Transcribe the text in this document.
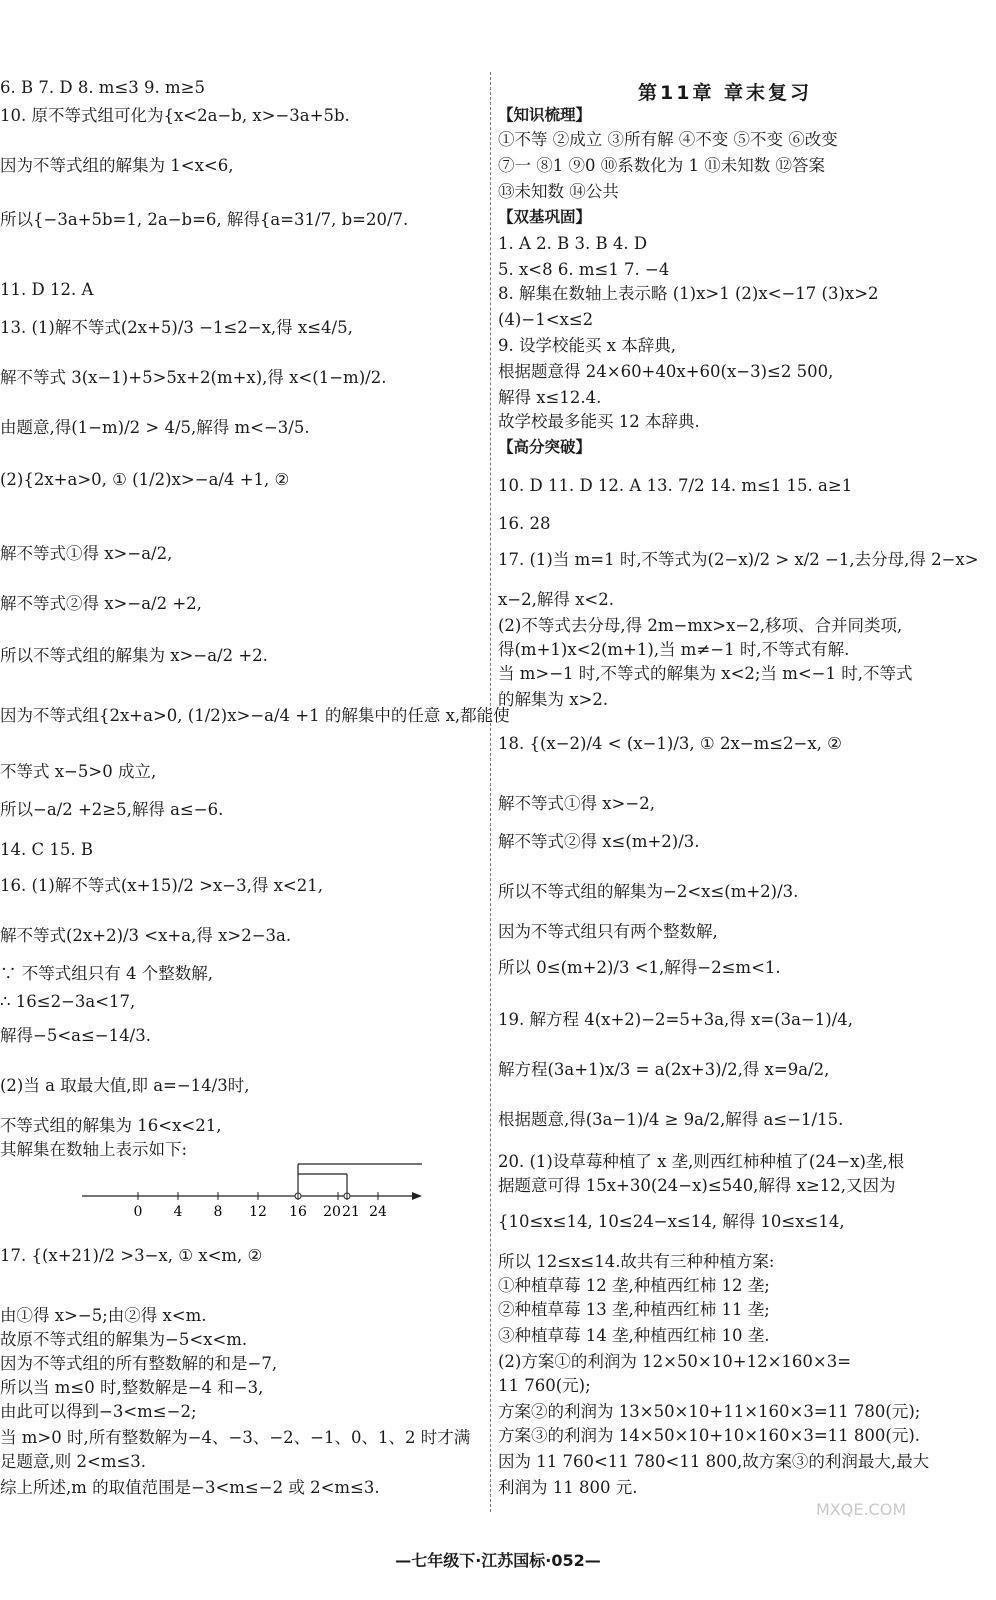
6. B 7. D 8. m≤3 9. m≥5
10. 原不等式组可化为{x<2a−b, x>−3a+5b.
因为不等式组的解集为 1<x<6,
所以{−3a+5b=1, 2a−b=6, 解得{a=31/7, b=20/7.
11. D 12. A
13. (1)解不等式(2x+5)/3 −1≤2−x,得 x≤4/5,
解不等式 3(x−1)+5>5x+2(m+x),得 x<(1−m)/2.
由题意,得(1−m)/2 > 4/5,解得 m<−3/5.
(2){2x+a>0, ① (1/2)x>−a/4 +1, ②
解不等式①得 x>−a/2,
解不等式②得 x>−a/2 +2,
所以不等式组的解集为 x>−a/2 +2.
因为不等式组{2x+a>0, (1/2)x>−a/4 +1 的解集中的任意 x,都能使
不等式 x−5>0 成立,
所以−a/2 +2≥5,解得 a≤−6.
14. C 15. B
16. (1)解不等式(x+15)/2 >x−3,得 x<21,
解不等式(2x+2)/3 <x+a,得 x>2−3a.
∵ 不等式组只有 4 个整数解,
∴ 16≤2−3a<17,
解得−5<a≤−14/3.
(2)当 a 取最大值,即 a=−14/3时,
不等式组的解集为 16<x<21,
其解集在数轴上表示如下:
17. {(x+21)/2 >3−x, ① x<m, ②
由①得 x>−5;由②得 x<m.
故原不等式组的解集为−5<x<m.
因为不等式组的所有整数解的和是−7,
所以当 m≤0 时,整数解是−4 和−3,
由此可以得到−3<m≤−2;
当 m>0 时,所有整数解为−4、−3、−2、−1、0、1、2 时才满
足题意,则 2<m≤3.
综上所述,m 的取值范围是−3<m≤−2 或 2<m≤3.
0 4 8 12 16 20 21 24
第11章 章末复习
【知识梳理】
①不等 ②成立 ③所有解 ④不变 ⑤不变 ⑥改变
⑦一 ⑧1 ⑨0 ⑩系数化为 1 ⑪未知数 ⑫答案
⑬未知数 ⑭公共
【双基巩固】
1. A 2. B 3. B 4. D
5. x<8 6. m≤1 7. −4
8. 解集在数轴上表示略 (1)x>1 (2)x<−17 (3)x>2
(4)−1<x≤2
9. 设学校能买 x 本辞典,
根据题意得 24×60+40x+60(x−3)≤2 500,
解得 x≤12.4.
故学校最多能买 12 本辞典.
【高分突破】
10. D 11. D 12. A 13. 7/2 14. m≤1 15. a≥1
16. 28
17. (1)当 m=1 时,不等式为(2−x)/2 > x/2 −1,去分母,得 2−x>
x−2,解得 x<2.
(2)不等式去分母,得 2m−mx>x−2,移项、合并同类项,
得(m+1)x<2(m+1),当 m≠−1 时,不等式有解.
当 m>−1 时,不等式的解集为 x<2;当 m<−1 时,不等式
的解集为 x>2.
18. {(x−2)/4 < (x−1)/3, ① 2x−m≤2−x, ②
解不等式①得 x>−2,
解不等式②得 x≤(m+2)/3.
所以不等式组的解集为−2<x≤(m+2)/3.
因为不等式组只有两个整数解,
所以 0≤(m+2)/3 <1,解得−2≤m<1.
19. 解方程 4(x+2)−2=5+3a,得 x=(3a−1)/4,
解方程(3a+1)x/3 = a(2x+3)/2,得 x=9a/2,
根据题意,得(3a−1)/4 ≥ 9a/2,解得 a≤−1/15.
20. (1)设草莓种植了 x 垄,则西红柿种植了(24−x)垄,根
据题意可得 15x+30(24−x)≤540,解得 x≥12,又因为
{10≤x≤14, 10≤24−x≤14, 解得 10≤x≤14,
所以 12≤x≤14.故共有三种种植方案:
①种植草莓 12 垄,种植西红柿 12 垄;
②种植草莓 13 垄,种植西红柿 11 垄;
③种植草莓 14 垄,种植西红柿 10 垄.
(2)方案①的利润为 12×50×10+12×160×3=
11 760(元);
方案②的利润为 13×50×10+11×160×3=11 780(元);
方案③的利润为 14×50×10+10×160×3=11 800(元).
因为 11 760<11 780<11 800,故方案③的利润最大,最大
利润为 11 800 元.
—七年级下·江苏国标·052—
MXQE.COM
